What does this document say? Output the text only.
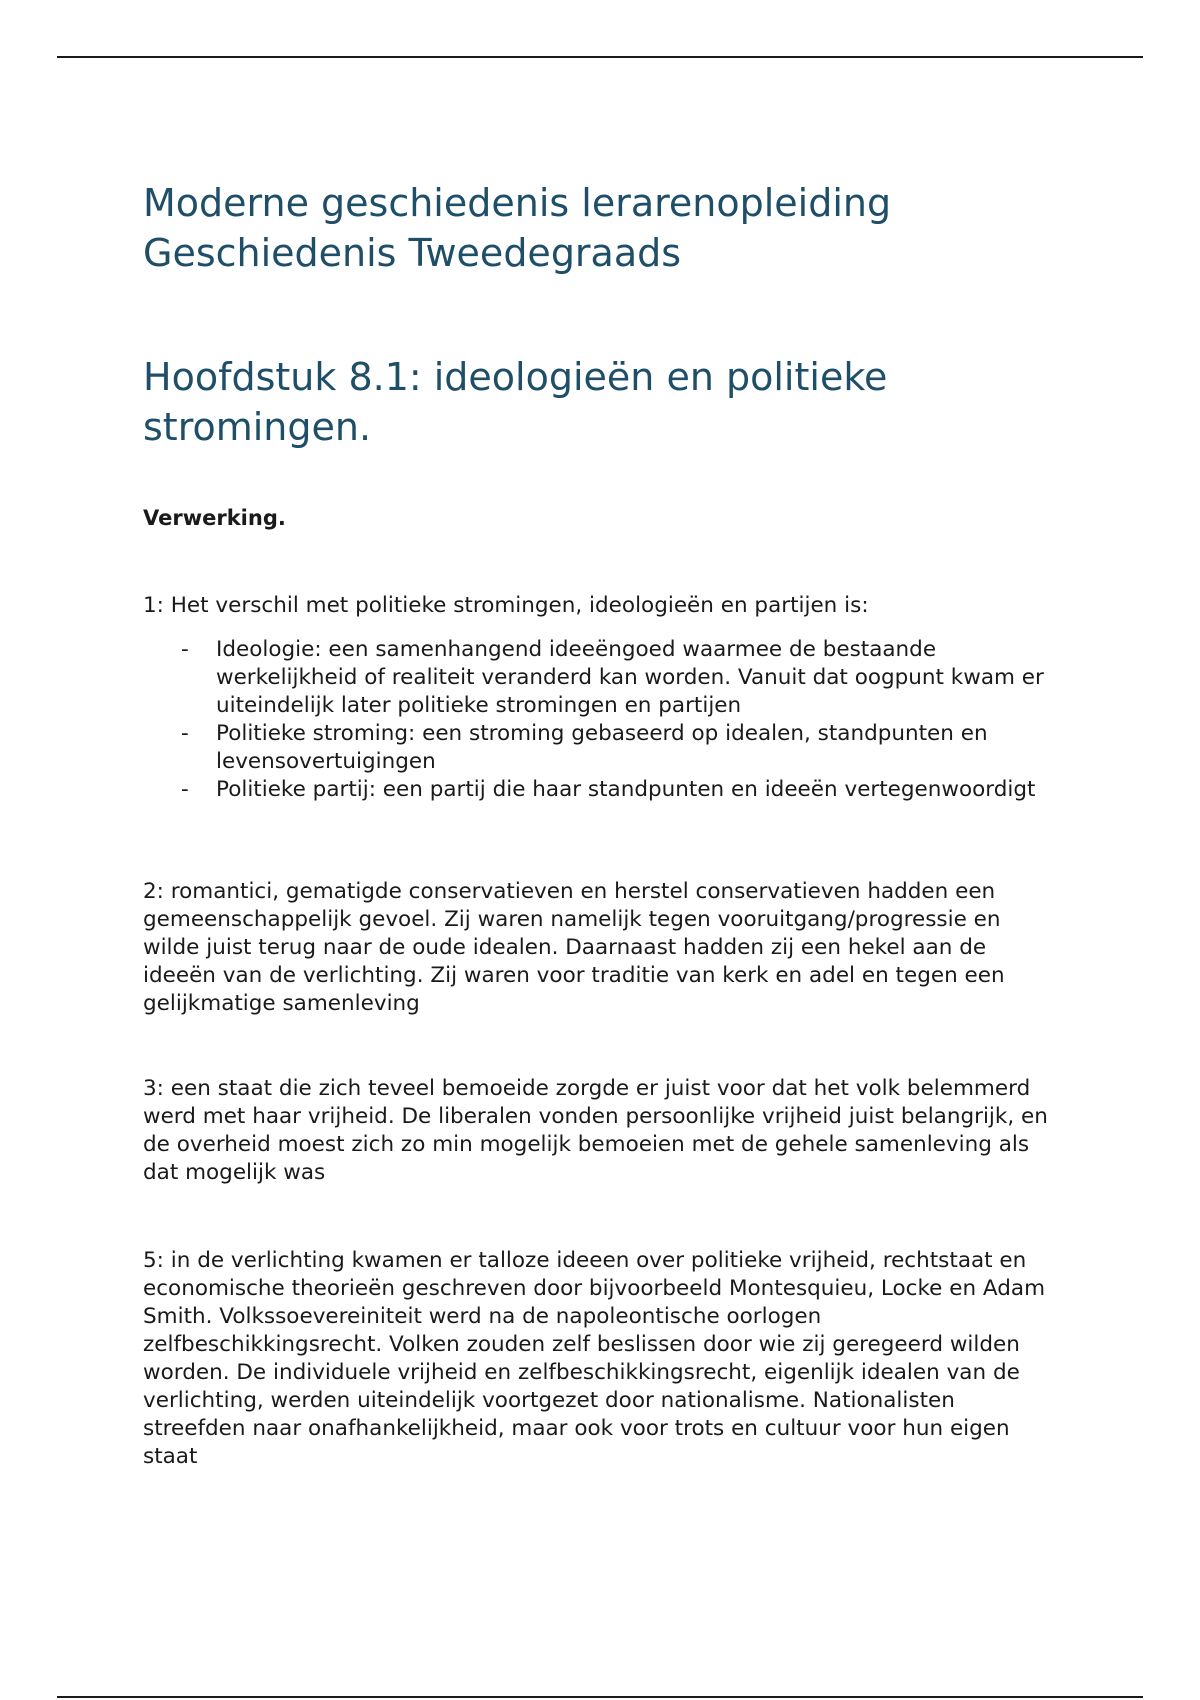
Moderne geschiedenis lerarenopleiding
Geschiedenis Tweedegraads
Hoofdstuk 8.1: ideologieën en politieke
stromingen.

Verwerking.

1: Het verschil met politieke stromingen, ideologieën en partijen is:

- Ideologie: een samenhangend ideeëngoed waarmee de bestaande werkelijkheid of realiteit veranderd kan worden. Vanuit dat oogpunt kwam er uiteindelijk later politieke stromingen en partijen
- Politieke stroming: een stroming gebaseerd op idealen, standpunten en levensovertuigingen
- Politieke partij: een partij die haar standpunten en ideeën vertegenwoordigt

2: romantici, gematigde conservatieven en herstel conservatieven hadden een gemeenschappelijk gevoel. Zij waren namelijk tegen vooruitgang/progressie en wilde juist terug naar de oude idealen. Daarnaast hadden zij een hekel aan de ideeën van de verlichting. Zij waren voor traditie van kerk en adel en tegen een gelijkmatige samenleving

3: een staat die zich teveel bemoeide zorgde er juist voor dat het volk belemmerd werd met haar vrijheid. De liberalen vonden persoonlijke vrijheid juist belangrijk, en de overheid moest zich zo min mogelijk bemoeien met de gehele samenleving als dat mogelijk was

5: in de verlichting kwamen er talloze ideeen over politieke vrijheid, rechtstaat en economische theorieën geschreven door bijvoorbeeld Montesquieu, Locke en Adam Smith. Volkssoevereiniteit werd na de napoleontische oorlogen zelfbeschikkingsrecht. Volken zouden zelf beslissen door wie zij geregeerd wilden worden. De individuele vrijheid en zelfbeschikkingsrecht, eigenlijk idealen van de verlichting, werden uiteindelijk voortgezet door nationalisme. Nationalisten streefden naar onafhankelijkheid, maar ook voor trots en cultuur voor hun eigen staat
